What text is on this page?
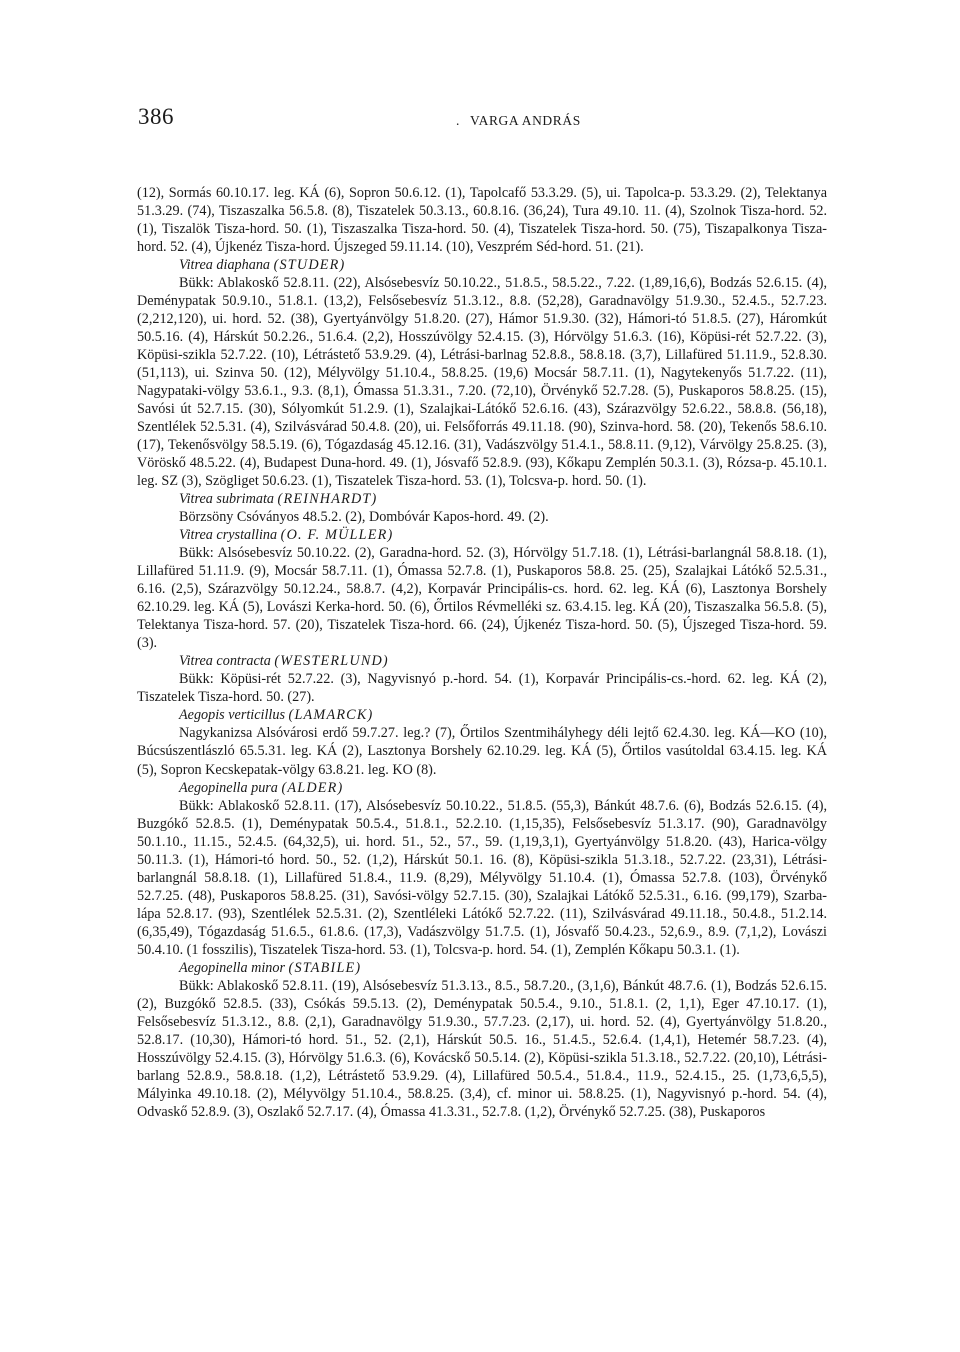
386	. VARGA ANDRÁS

(12), Sormás 60.10.17. leg. KÁ (6), Sopron 50.6.12. (1), Tapolcafő 53.3.29. (5), ui. Tapolca-p. 53.3.29. (2), Telektanya 51.3.29. (74), Tiszaszalka 56.5.8. (8), Tiszatelek 50.3.13., 60.8.16. (36,24), Tura 49.10. 11. (4), Szolnok Tisza-hord. 52. (1), Tiszalök Tisza-hord. 50. (1), Tiszaszalka Tisza-hord. 50. (4), Tiszatelek Tisza-hord. 50. (75), Tiszapalkonya Tisza-hord. 52. (4), Újkenéz Tisza-hord. Újszeged 59.11.14. (10), Veszprém Séd-hord. 51. (21).

Vitrea diaphana (STUDER)

Bükk: Ablakoskő 52.8.11. (22), Alsósebesvíz 50.10.22., 51.8.5., 58.5.22., 7.22. (1,89,16,6), Bodzás 52.6.15. (4), Deménypatak 50.9.10., 51.8.1. (13,2), Felsősebesvíz 51.3.12., 8.8. (52,28), Garadnavölgy 51.9.30., 52.4.5., 52.7.23. (2,212,120), ui. hord. 52. (38), Gyertyánvölgy 51.8.20. (27), Hámor 51.9.30. (32), Hámori-tó 51.8.5. (27), Háromkút 50.5.16. (4), Hárskút 50.2.26., 51.6.4. (2,2), Hosszúvölgy 52.4.15. (3), Hórvölgy 51.6.3. (16), Köpüsi-rét 52.7.22. (3), Köpüsi-szikla 52.7.22. (10), Létrástető 53.9.29. (4), Létrási-barlnag 52.8.8., 58.8.18. (3,7), Lillafüred 51.11.9., 52.8.30. (51,113), ui. Szinva 50. (12), Mélyvölgy 51.10.4., 58.8.25. (19,6) Mocsár 58.7.11. (1), Nagytekenyős 51.7.22. (11), Nagypataki-völgy 53.6.1., 9.3. (8,1), Ómassa 51.3.31., 7.20. (72,10), Örvénykő 52.7.28. (5), Puskaporos 58.8.25. (15), Savósi út 52.7.15. (30), Sólyomkút 51.2.9. (1), Szalajkai-Látókő 52.6.16. (43), Szárazvölgy 52.6.22., 58.8.8. (56,18), Szentlélek 52.5.31. (4), Szilvásvárad 50.4.8. (20), ui. Felsőforrás 49.11.18. (90), Szinva-hord. 58. (20), Tekenős 58.6.10. (17), Tekenősvölgy 58.5.19. (6), Tógazdaság 45.12.16. (31), Vadászvölgy 51.4.1., 58.8.11. (9,12), Várvölgy 25.8.25. (3), Vöröskő 48.5.22. (4), Budapest Duna-hord. 49. (1), Jósvafő 52.8.9. (93), Kőkapu Zemplén 50.3.1. (3), Rózsa-p. 45.10.1. leg. SZ (3), Szögliget 50.6.23. (1), Tiszatelek Tisza-hord. 53. (1), Tolcsva-p. hord. 50. (1).

Vitrea subrimata (REINHARDT)

Börzsöny Csóványos 48.5.2. (2), Dombóvár Kapos-hord. 49. (2).

Vitrea crystallina (O. F. MÜLLER)

Bükk: Alsósebesvíz 50.10.22. (2), Garadna-hord. 52. (3), Hórvölgy 51.7.18. (1), Létrási-barlangnál 58.8.18. (1), Lillafüred 51.11.9. (9), Mocsár 58.7.11. (1), Ómassa 52.7.8. (1), Puskaporos 58.8. 25. (25), Szalajkai Látókő 52.5.31., 6.16. (2,5), Szárazvölgy 50.12.24., 58.8.7. (4,2), Korpavár Principális-cs. hord. 62. leg. KÁ (6), Lasztonya Borshely 62.10.29. leg. KÁ (5), Lovászi Kerka-hord. 50. (6), Őrtilos Révmelléki sz. 63.4.15. leg. KÁ (20), Tiszaszalka 56.5.8. (5), Telektanya Tisza-hord. 57. (20), Tiszatelek Tisza-hord. 66. (24), Újkenéz Tisza-hord. 50. (5), Újszeged Tisza-hord. 59. (3).

Vitrea contracta (WESTERLUND)

Bükk: Köpüsi-rét 52.7.22. (3), Nagyvisnyó p.-hord. 54. (1), Korpavár Principális-cs.-hord. 62. leg. KÁ (2), Tiszatelek Tisza-hord. 50. (27).

Aegopis verticillus (LAMARCK)

Nagykanizsa Alsóvárosi erdő 59.7.27. leg.? (7), Őrtilos Szentmihályhegy déli lejtő 62.4.30. leg. KÁ—KO (10), Búcsúszentlászló 65.5.31. leg. KÁ (2), Lasztonya Borshely 62.10.29. leg. KÁ (5), Őrtilos vasútoldal 63.4.15. leg. KÁ (5), Sopron Kecskepatak-völgy 63.8.21. leg. KO (8).

Aegopinella pura (ALDER)

Bükk: Ablakoskő 52.8.11. (17), Alsósebesvíz 50.10.22., 51.8.5. (55,3), Bánkút 48.7.6. (6), Bodzás 52.6.15. (4), Buzgókő 52.8.5. (1), Deménypatak 50.5.4., 51.8.1., 52.2.10. (1,15,35), Felsősebesvíz 51.3.17. (90), Garadnavölgy 50.1.10., 11.15., 52.4.5. (64,32,5), ui. hord. 51., 52., 57., 59. (1,19,3,1), Gyertyánvölgy 51.8.20. (43), Harica-völgy 50.11.3. (1), Hámori-tó hord. 50., 52. (1,2), Hárskút 50.1. 16. (8), Köpüsi-szikla 51.3.18., 52.7.22. (23,31), Létrási-barlangnál 58.8.18. (1), Lillafüred 51.8.4., 11.9. (8,29), Mélyvölgy 51.10.4. (1), Ómassa 52.7.8. (103), Örvénykő 52.7.25. (48), Puskaporos 58.8.25. (31), Savósi-völgy 52.7.15. (30), Szalajkai Látókő 52.5.31., 6.16. (99,179), Szarba-lápa 52.8.17. (93), Szentlélek 52.5.31. (2), Szentléleki Látókő 52.7.22. (11), Szilvásvárad 49.11.18., 50.4.8., 51.2.14. (6,35,49), Tógazdaság 51.6.5., 61.8.6. (17,3), Vadászvölgy 51.7.5. (1), Jósvafő 50.4.23., 52,6.9., 8.9. (7,1,2), Lovászi 50.4.10. (1 fosszilis), Tiszatelek Tisza-hord. 53. (1), Tolcsva-p. hord. 54. (1), Zemplén Kőkapu 50.3.1. (1).

Aegopinella minor (STABILE)

Bükk: Ablakoskő 52.8.11. (19), Alsósebesvíz 51.3.13., 8.5., 58.7.20., (3,1,6), Bánkút 48.7.6. (1), Bodzás 52.6.15. (2), Buzgókő 52.8.5. (33), Csókás 59.5.13. (2), Deménypatak 50.5.4., 9.10., 51.8.1. (2, 1,1), Eger 47.10.17. (1), Felsősebesvíz 51.3.12., 8.8. (2,1), Garadnavölgy 51.9.30., 57.7.23. (2,17), ui. hord. 52. (4), Gyertyánvölgy 51.8.20., 52.8.17. (10,30), Hámori-tó hord. 51., 52. (2,1), Hárskút 50.5. 16., 51.4.5., 52.6.4. (1,4,1), Hetemér 58.7.23. (4), Hosszúvölgy 52.4.15. (3), Hórvölgy 51.6.3. (6), Kovácskő 50.5.14. (2), Köpüsi-szikla 51.3.18., 52.7.22. (20,10), Létrási-barlang 52.8.9., 58.8.18. (1,2), Létrástető 53.9.29. (4), Lillafüred 50.5.4., 51.8.4., 11.9., 52.4.15., 25. (1,73,6,5,5), Mályinka 49.10.18. (2), Mélyvölgy 51.10.4., 58.8.25. (3,4), cf. minor ui. 58.8.25. (1), Nagyvisnyó p.-hord. 54. (4), Odvaskő 52.8.9. (3), Oszlakő 52.7.17. (4), Ómassa 41.3.31., 52.7.8. (1,2), Örvénykő 52.7.25. (38), Puskaporos
